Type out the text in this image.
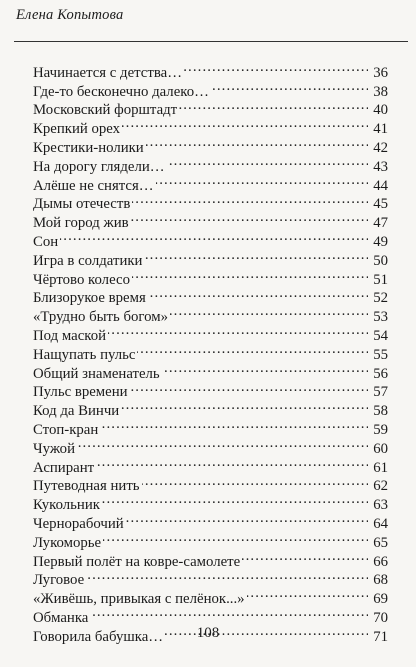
Елена Копытова
Начинается с детства… . . .	36
Где-то бесконечно далеко… . . .	38
Московский форштадт . . .	40
Крепкий орех . . .	41
Крестики-нолики . . .	42
На дорогу глядели… . . .	43
Алёше не снятся… . . .	44
Дымы отечеств . . .	45
Мой город жив . . .	47
Сон . . .	49
Игра в солдатики . . .	50
Чёртово колесо . . .	51
Близорукое время . . .	52
«Трудно быть богом» . . .	53
Под маской . . .	54
Нащупать пульс . . .	55
Общий знаменатель . . .	56
Пульс времени . . .	57
Код да Винчи . . .	58
Стоп-кран . . .	59
Чужой . . .	60
Аспирант . . .	61
Путеводная нить . . .	62
Кукольник . . .	63
Чернорабочий . . .	64
Лукоморье . . .	65
Первый полёт на ковре-самолете . . .	66
Луговое . . .	68
«Живёшь, привыкая с пелёнок...» . . .	69
Обманка . . .	70
Говорила бабушка… . . .	71
108
